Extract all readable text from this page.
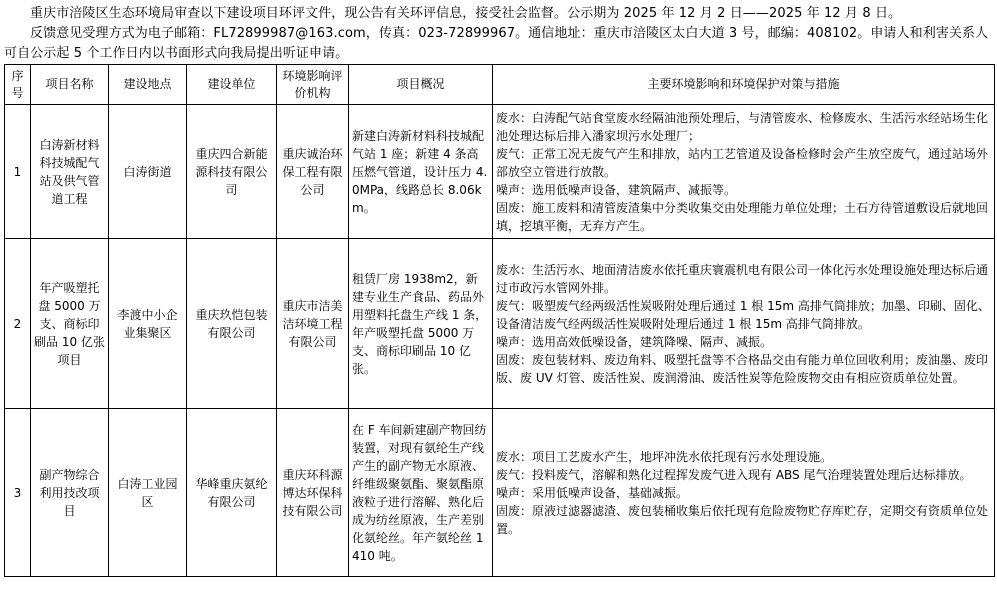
重庆市涪陵区生态环境局审查以下建设项目环评文件，现公告有关环评信息，接受社会监督。公示期为 2025 年 12 月 2 日——2025 年 12 月 8 日。

反馈意见受理方式为电子邮箱：FL72899987@163.com，传真：023-72899967。通信地址：重庆市涪陵区太白大道 3 号，邮编：408102。申请人和利害关系人可自公示起 5 个工作日内以书面形式向我局提出听证申请。

序号	项目名称	建设地点	建设单位	环境影响评价机构	项目概况	主要环境影响和环境保护对策与措施
1	白涛新材料科技城配气站及供气管道工程	白涛街道	重庆四合新能源科技有限公司	重庆诚治环保工程有限公司	新建白涛新材料科技城配气站 1 座；新建 4 条高压燃气管道，设计压力 4.0MPa，线路总长 8.06km。	废水：白涛配气站食堂废水经隔油池预处理后，与清管废水、检修废水、生活污水经站场生化池处理达标后排入潘家坝污水处理厂；
废气：正常工况无废气产生和排放，站内工艺管道及设备检修时会产生放空废气，通过站场外部放空立管进行放散。
噪声：选用低噪声设备，建筑隔声、减振等。
固废：施工废料和清管废渣集中分类收集交由处理能力单位处理；土石方待管道敷设后就地回填，挖填平衡，无弃方产生。

2	年产吸塑托盘 5000 万支、商标印刷品 10 亿张项目	李渡中小企业集聚区	重庆玖恺包装有限公司	重庆市洁美洁环境工程有限公司	租赁厂房 1938m2，新建专业生产食品、药品外用塑料托盘生产线 1 条，年产吸塑托盘 5000 万支、商标印刷品 10 亿张。	废水：生活污水、地面清洁废水依托重庆寰震机电有限公司一体化污水处理设施处理达标后通过市政污水管网外排。
废气：吸塑废气经两级活性炭吸附处理后通过 1 根 15m 高排气筒排放；加墨、印刷、固化、设备清洁废气经两级活性炭吸附处理后通过 1 根 15m 高排气筒排放。
噪声：选用高效低噪设备，建筑降噪、隔声、减振。
固废：废包装材料、废边角料、吸塑托盘等不合格品交由有能力单位回收利用；废油墨、废印版、废 UV 灯管、废活性炭、废润滑油、废活性炭等危险废物交由有相应资质单位处置。

3	副产物综合利用技改项目	白涛工业园区	华峰重庆氨纶有限公司	重庆环科源博达环保科技有限公司	在 F 车间新建副产物回纺装置，对现有氨纶生产线产生的副产物无水原液、纤维级聚氨酯、聚氨酯原液粒子进行溶解、熟化后成为纺丝原液，生产差别化氨纶丝。年产氨纶丝 1410 吨。	废水：项目工艺废水产生，地坪冲洗水依托现有污水处理设施。
废气：投料废气，溶解和熟化过程挥发废气进入现有 ABS 尾气治理装置处理后达标排放。
噪声：采用低噪声设备，基础减振。
固废：原液过滤器滤渣、废包装桶收集后依托现有危险废物贮存库贮存，定期交有资质单位处置。
